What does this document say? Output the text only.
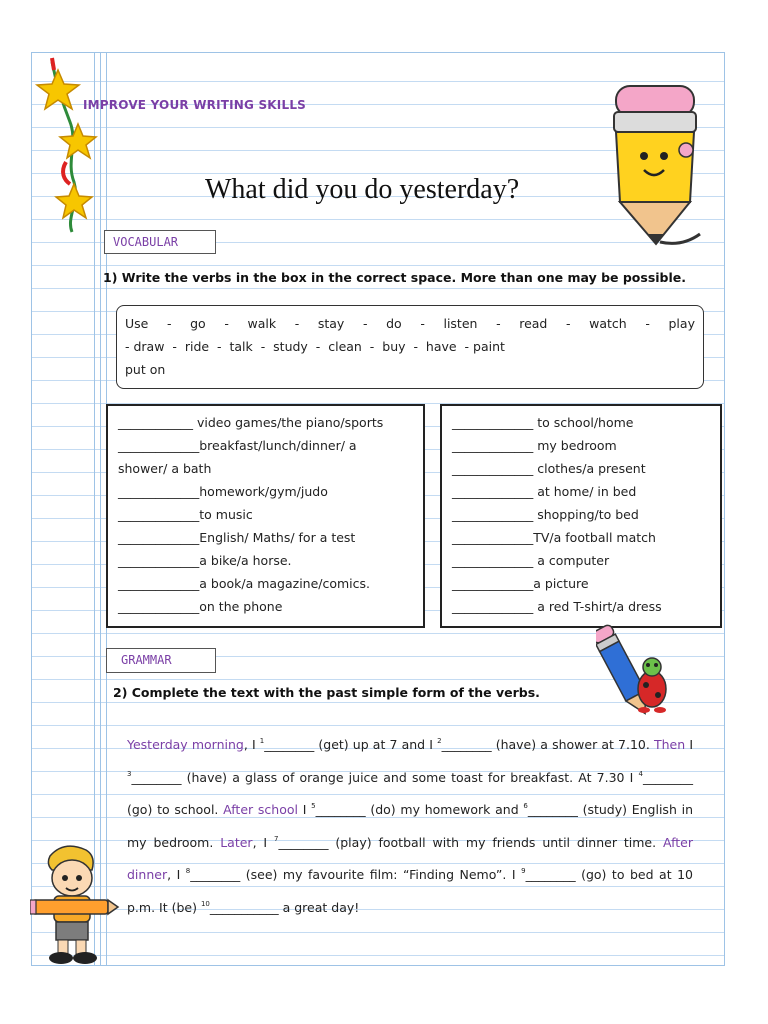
IMPROVE YOUR WRITING SKILLS
What did you do yesterday?
VOCABULAR
1) Write the verbs in the box in the correct space. More than one may be possible.
Use - go - walk - stay - do - listen - read - watch - play
- draw  -  ride  -  talk  -  study  -  clean  -  buy  -  have  - paint
put on
____________ video games/the piano/sports
_____________breakfast/lunch/dinner/ a
shower/ a bath
_____________homework/gym/judo
_____________to music
_____________English/ Maths/ for a test
_____________a bike/a horse.
_____________a book/a magazine/comics.
_____________on the phone
_____________ to school/home
_____________ my bedroom
_____________ clothes/a present
_____________ at home/ in bed
_____________ shopping/to bed
_____________TV/a football match
_____________ a computer
_____________a picture
_____________ a red T-shirt/a dress
GRAMMAR
2) Complete the text with the past simple form of the verbs.
Yesterday morning, I $^1$________ (get) up at 7 and I $^2$________ (have) a shower at 7.10. Then I $^3$________ (have) a glass of orange juice and some toast for breakfast. At 7.30 I $^4$________ (go) to school. After school I $^5$________ (do) my homework and $^6$________ (study) English in my bedroom. Later, I $^7$________ (play) football with my friends until dinner time. After dinner, I $^8$________ (see) my favourite film: “Finding Nemo”. I $^9$________ (go) to bed at 10 p.m. It (be) $^{10}$___________ a great day!
